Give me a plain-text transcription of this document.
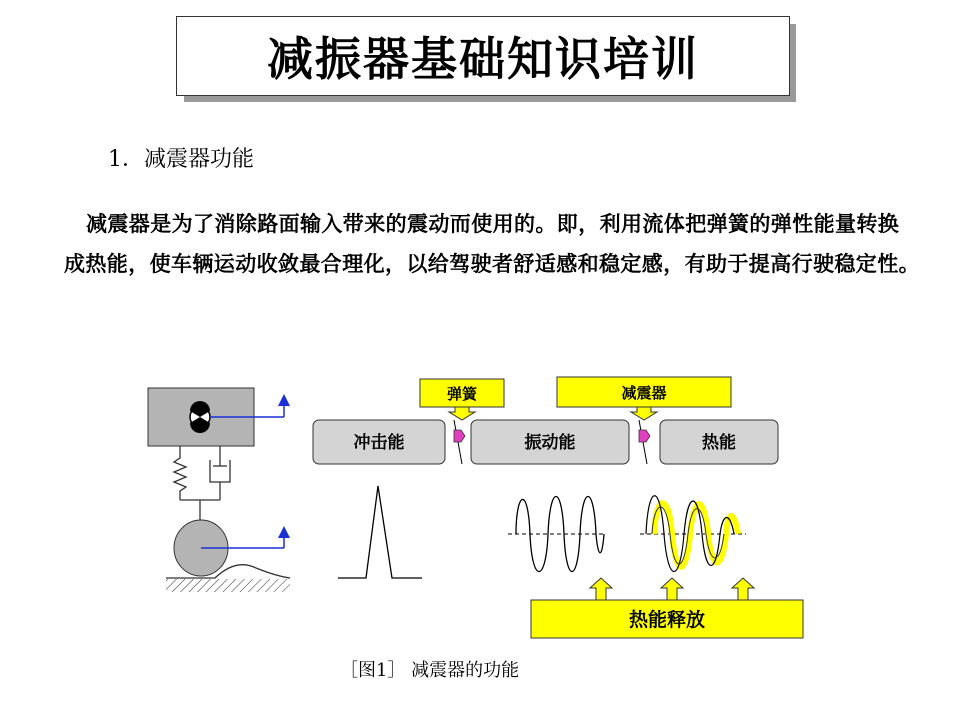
减振器基础知识培训
1．减震器功能
减震器是为了消除路面输入带来的震动而使用的。即，利用流体把弹簧的弹性能量转换成热能，使车辆运动收敛最合理化，以给驾驶者舒适感和稳定感，有助于提高行驶稳定性。
弹簧	减震器
冲击能	振动能	热能
热能释放
［图1］ 减震器的功能
